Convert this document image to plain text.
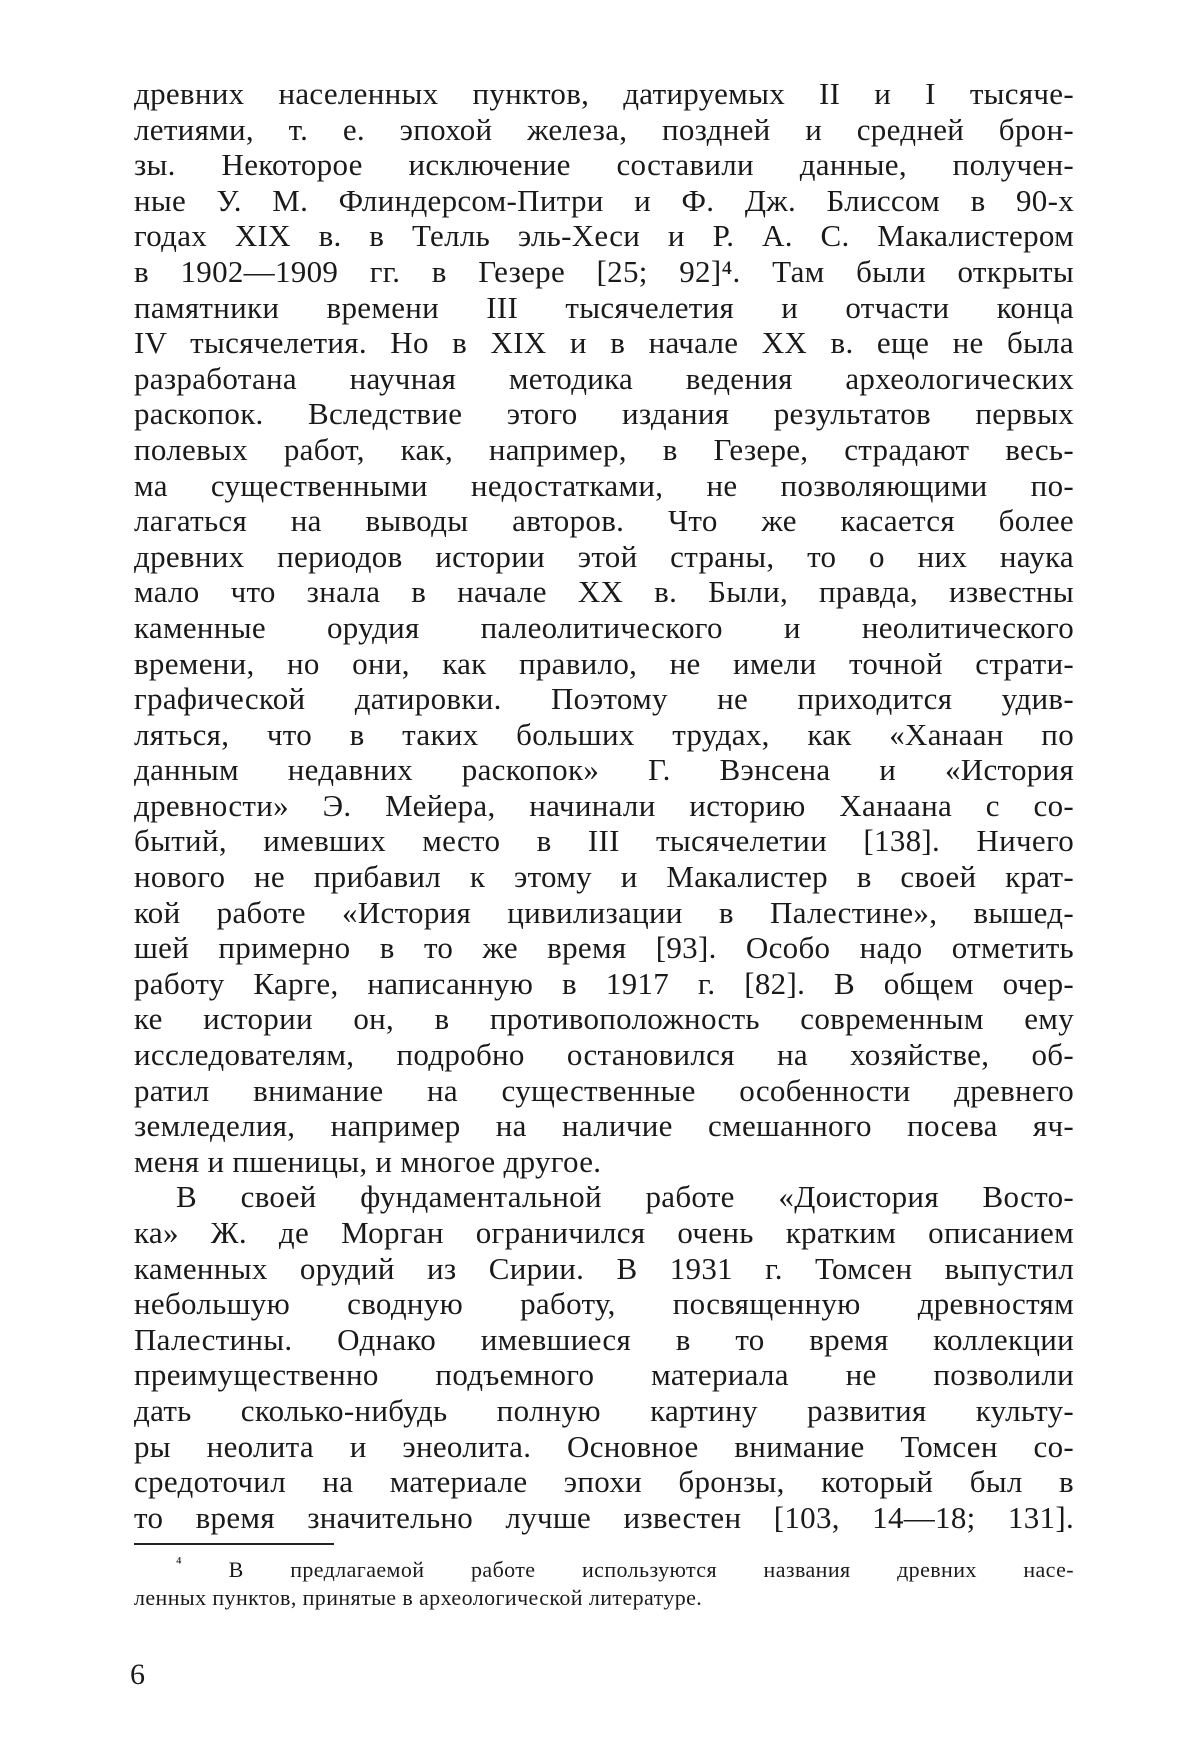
древних населенных пунктов, датируемых II и I тысяче-
летиями, т. е. эпохой железа, поздней и средней брон-
зы. Некоторое исключение составили данные, получен-
ные У. М. Флиндерсом-Питри и Ф. Дж. Блиссом в 90-х
годах XIX в. в Телль эль-Хеси и Р. А. С. Макалистером
в 1902—1909 гг. в Гезере [25; 92]⁴. Там были открыты
памятники времени III тысячелетия и отчасти конца
IV тысячелетия. Но в XIX и в начале XX в. еще не была
разработана научная методика ведения археологических
раскопок. Вследствие этого издания результатов первых
полевых работ, как, например, в Гезере, страдают весь-
ма существенными недостатками, не позволяющими по-
лагаться на выводы авторов. Что же касается более
древних периодов истории этой страны, то о них наука
мало что знала в начале XX в. Были, правда, известны
каменные орудия палеолитического и неолитического
времени, но они, как правило, не имели точной страти-
графической датировки. Поэтому не приходится удив-
ляться, что в таких больших трудах, как «Ханаан по
данным недавних раскопок» Г. Вэнсена и «История
древности» Э. Мейера, начинали историю Ханаана с со-
бытий, имевших место в III тысячелетии [138]. Ничего
нового не прибавил к этому и Макалистер в своей крат-
кой работе «История цивилизации в Палестине», вышед-
шей примерно в то же время [93]. Особо надо отметить
работу Карге, написанную в 1917 г. [82]. В общем очер-
ке истории он, в противоположность современным ему
исследователям, подробно остановился на хозяйстве, об-
ратил внимание на существенные особенности древнего
земледелия, например на наличие смешанного посева яч-
меня и пшеницы, и многое другое.
В своей фундаментальной работе «Доистория Восто-
ка» Ж. де Морган ограничился очень кратким описанием
каменных орудий из Сирии. В 1931 г. Томсен выпустил
небольшую сводную работу, посвященную древностям
Палестины. Однако имевшиеся в то время коллекции
преимущественно подъемного материала не позволили
дать сколько-нибудь полную картину развития культу-
ры неолита и энеолита. Основное внимание Томсен со-
средоточил на материале эпохи бронзы, который был в
то время значительно лучше известен [103, 14—18; 131].
$^{^4}$ В предлагаемой работе используются названия древних насе-
ленных пунктов, принятые в археологической литературе.
6
